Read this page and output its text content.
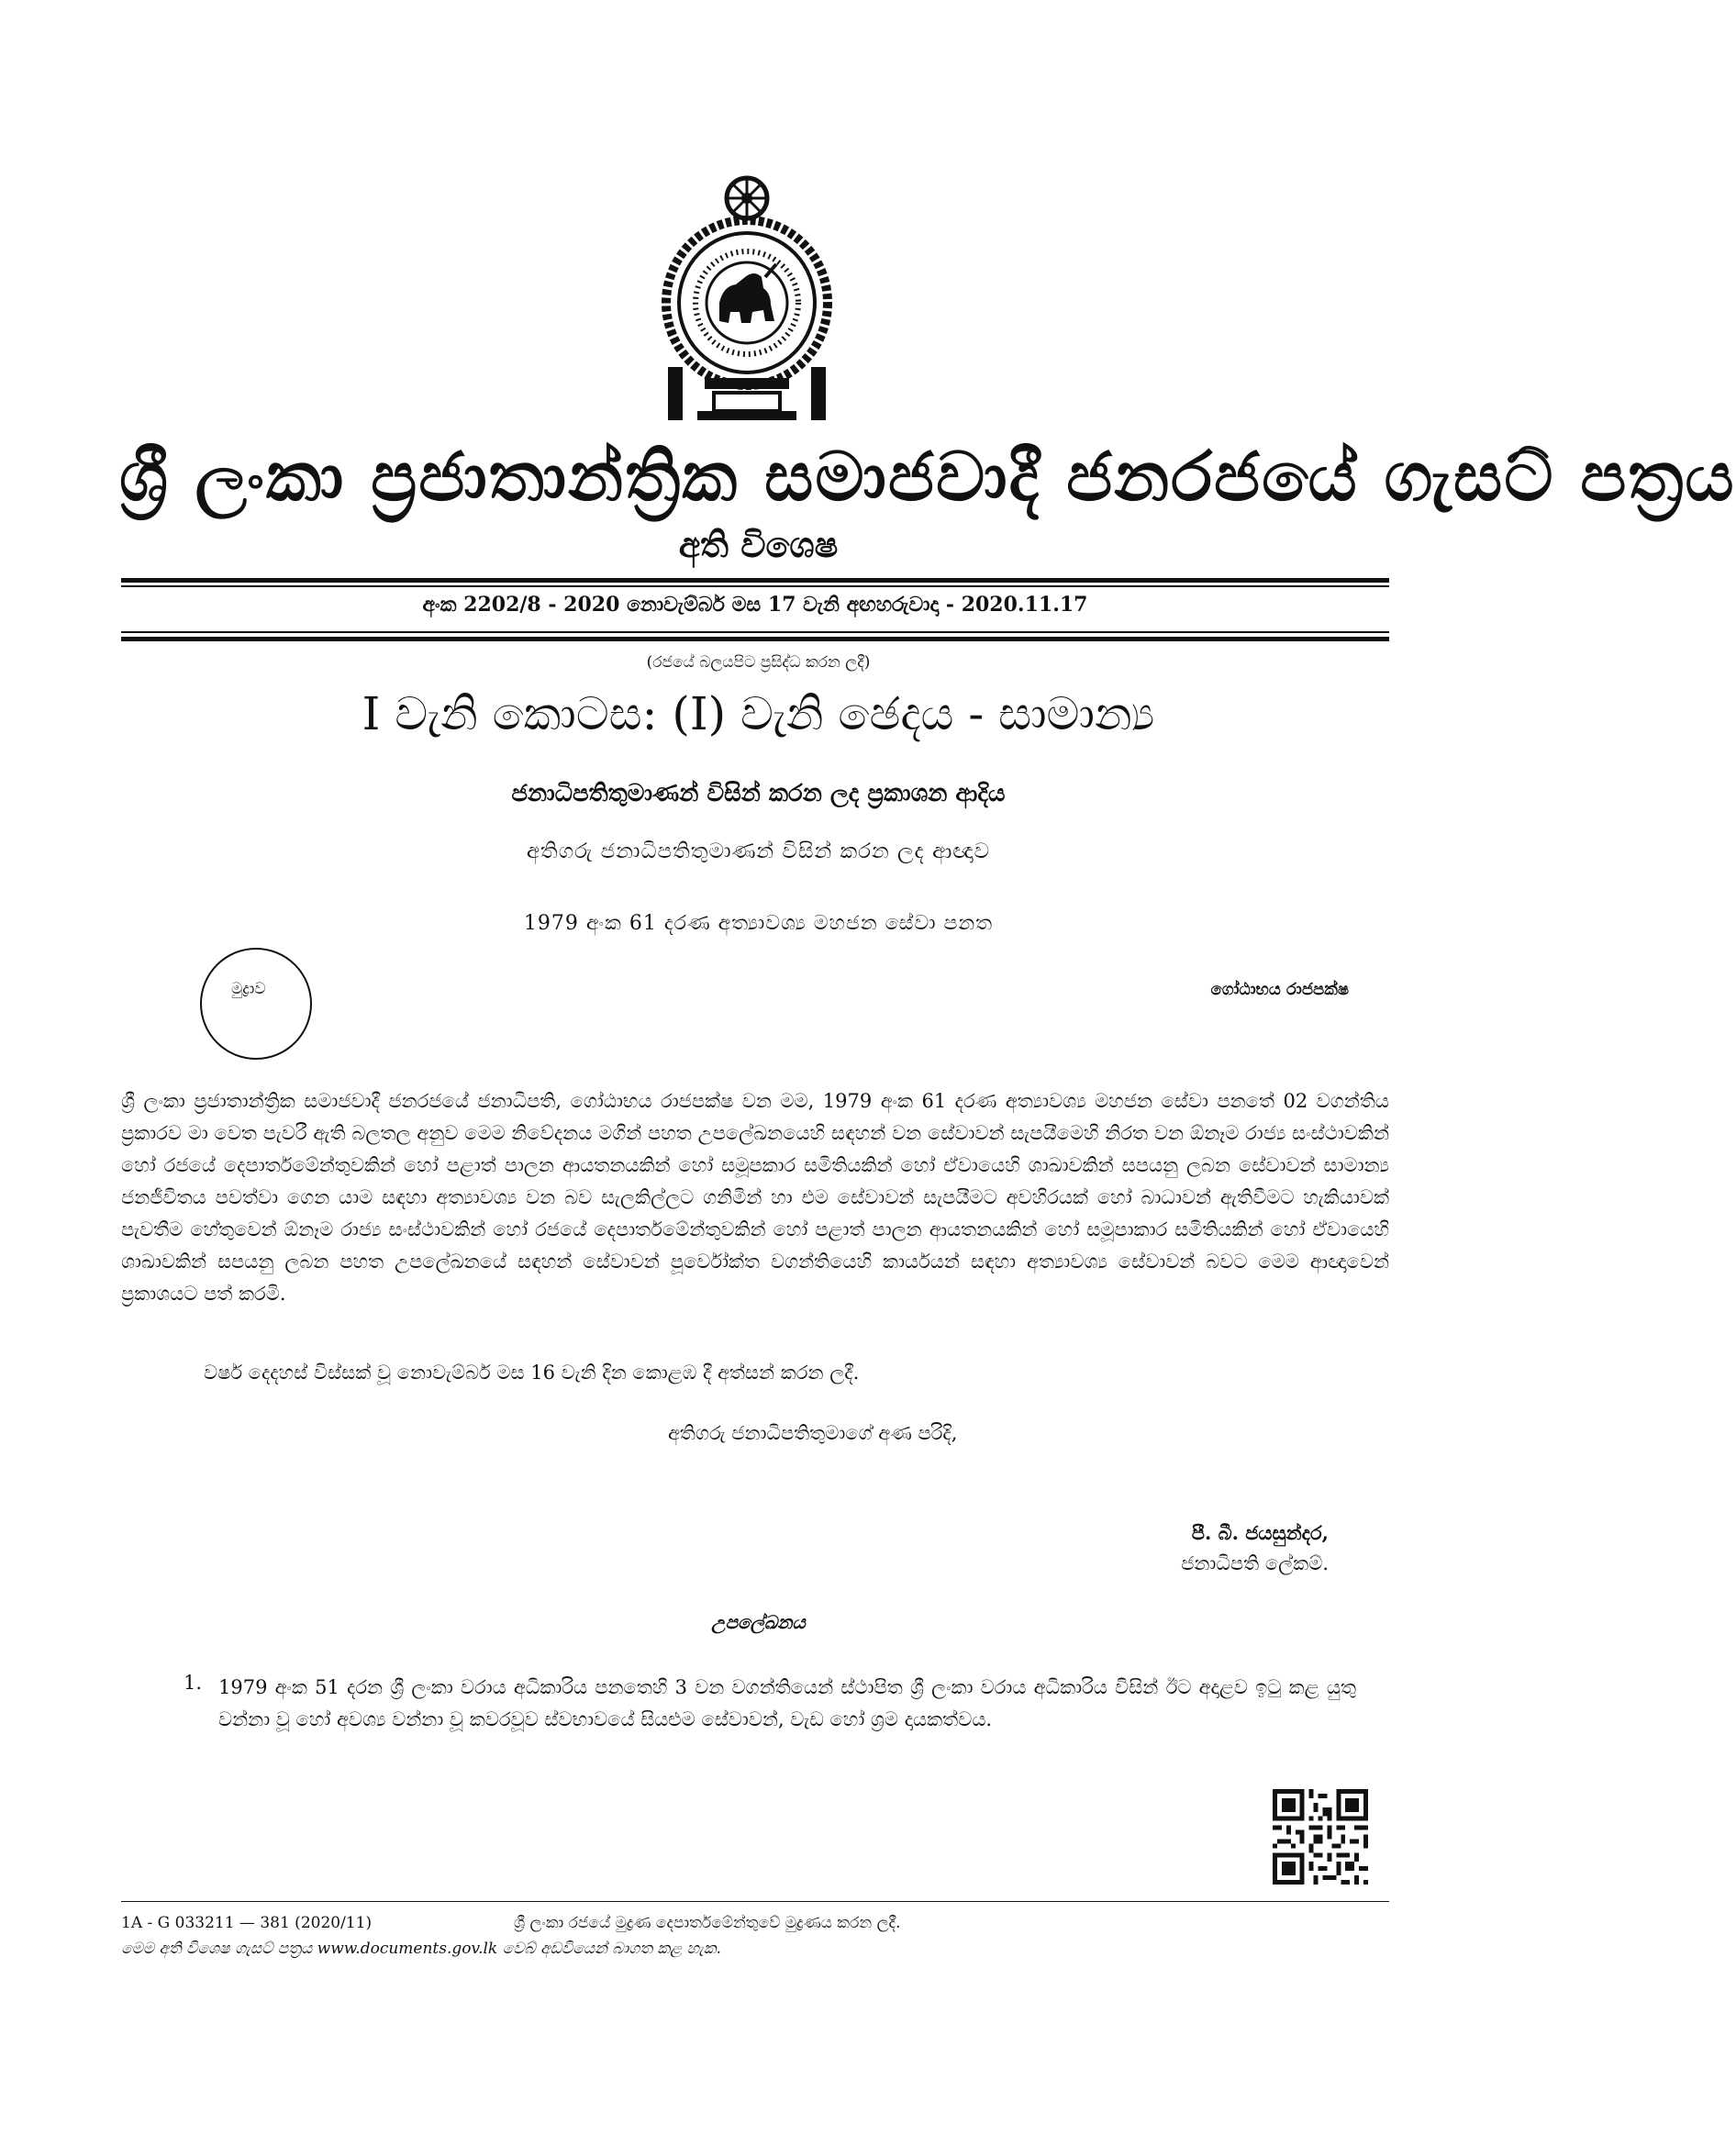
ශ්‍රී ලංකා ප්‍රජාතාන්ත්‍රික සමාජවාදී ජනරජයේ ගැසට් පත්‍රය
අති විශෙෂ
අංක 2202/8 - 2020 නොවැම්බර් මස 17 වැනි අඟහරුවාදා - 2020.11.17
(රජයේ බලයපිට ප්‍රසිද්ධ කරන ලදී)
I වැනි කොටස: (I) වැනි ඡෙදය - සාමාන්‍ය
ජනාධිපතිතුමාණන් විසින් කරන ලද ප්‍රකාශන ආදිය
අතිගරු ජනාධිපතිතුමාණන් විසින් කරන ලද ආඥාව
1979 අංක 61 දරණ අත්‍යාවශ්‍ය මහජන සේවා පනත
මුද්‍රාව	ගෝඨාභය රාජපක්ෂ
ශ්‍රී ලංකා ප්‍රජාතාන්ත්‍රික සමාජවාදී ජනරජයේ ජනාධිපති, ගෝඨාභය රාජපක්ෂ වන මම, 1979 අංක 61 දරණ අත්‍යාවශ්‍ය මහජන සේවා පනතේ 02 වගන්තිය ප්‍රකාරව මා වෙත පැවරී ඇති බලතල අනුව මෙම නිවේදනය මගින් පහත උපලේඛනයෙහි සඳහන් වන සේවාවන් සැපයීමෙහි නිරත වන ඕනෑම රාජ්‍ය සංස්ථාවකින් හෝ රජයේ දෙපාර්තමේන්තුවකින් හෝ පළාත් පාලන ආයතනයකින් හෝ සමූපකාර සමිතියකින් හෝ ඒවායෙහි ශාඛාවකින් සපයනු ලබන සේවාවන් සාමාන්‍ය ජනජීවිතය පවත්වා ගෙන යාම සඳහා අත්‍යාවශ්‍ය වන බව සැලකිල්ලට ගනිමින් හා එම සේවාවන් සැපයීමට අවහිරයක් හෝ බාධාවන් ඇතිවීමට හැකියාවක් පැවතීම හේතුවෙන් ඕනෑම රාජ්‍ය සංස්ථාවකින් හෝ රජයේ දෙපාර්තමේන්තුවකින් හෝ පළාත් පාලන ආයතනයකින් හෝ සමූපාකාර සමිතියකින් හෝ ඒවායෙහි ශාඛාවකින් සපයනු ලබන පහත උපලේඛනයේ සඳහන් සේවාවන් පූර්වෝක්ත වගන්තියෙහි කාර්යයන් සඳහා අත්‍යාවශ්‍ය සේවාවන් බවට මෙම ආඥාවෙන් ප්‍රකාශයට පත් කරමි.
වර්ෂ දෙදහස් විස්සක් වූ නොවැම්බර් මස 16 වැනි දින කොළඹ දී අත්සන් කරන ලදී.
අතිගරු ජනාධිපතිතුමාගේ අණ පරිදි,
පී. බී. ජයසුන්දර,
ජනාධිපති ලේකම්.
උපලේඛනය
1. 1979 අංක 51 දරන ශ්‍රී ලංකා වරාය අධිකාරිය පනතෙහි 3 වන වගන්තියෙන් ස්ථාපිත ශ්‍රී ලංකා වරාය අධිකාරිය විසින් ඊට අදාළව ඉටු කළ යුතු වන්නා වූ හෝ අවශ්‍ය වන්නා වූ කවරවූව ස්වභාවයේ සියළුම සේවාවන්, වැඩ හෝ ශ්‍රම දායකත්වය.
1A - G 033211 — 381 (2020/11)	ශ්‍රී ලංකා රජයේ මුද්‍රණ දෙපාර්තමේන්තුවේ මුද්‍රණය කරන ලදී.
මෙම අති විශෙෂ ගැසට් පත්‍රය www.documents.gov.lk වෙබ් අඩවියෙන් බාගත කළ හැක.
